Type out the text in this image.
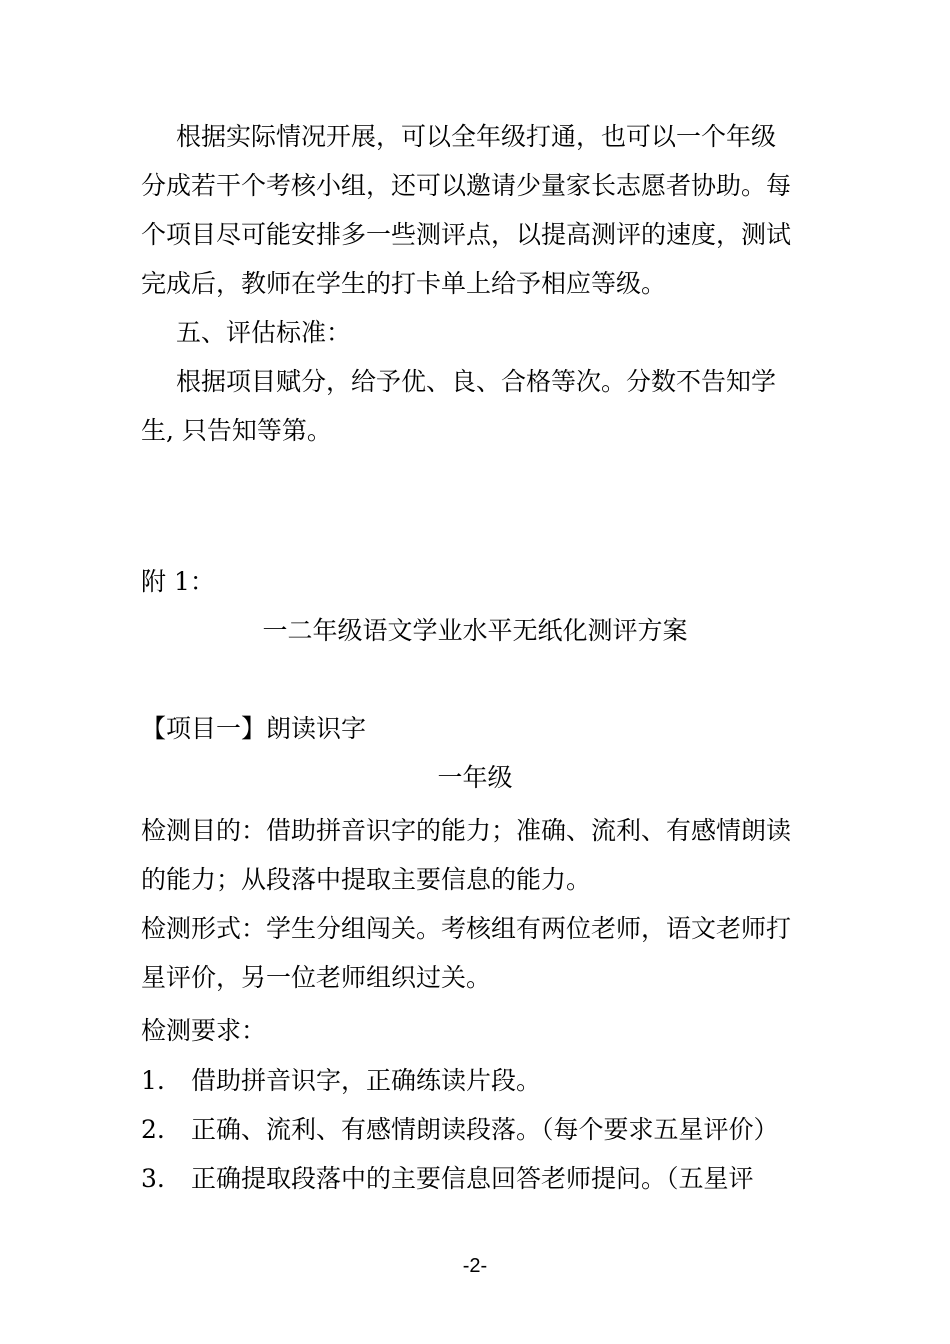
根据实际情况开展，可以全年级打通，也可以一个年级
分成若干个考核小组，还可以邀请少量家长志愿者协助。每
个项目尽可能安排多一些测评点，以提高测评的速度，测试
完成后，教师在学生的打卡单上给予相应等级。
五、评估标准：
根据项目赋分，给予优、良、合格等次。分数不告知学
生, 只告知等第。
附 1：
一二年级语文学业水平无纸化测评方案
【项目一】朗读识字
一年级
检测目的：借助拼音识字的能力；准确、流利、有感情朗读
的能力；从段落中提取主要信息的能力。
检测形式：学生分组闯关。考核组有两位老师，语文老师打
星评价，另一位老师组织过关。
检测要求：
1. 借助拼音识字，正确练读片段。
2. 正确、流利、有感情朗读段落。（每个要求五星评价）
3. 正确提取段落中的主要信息回答老师提问。（五星评
-2-
